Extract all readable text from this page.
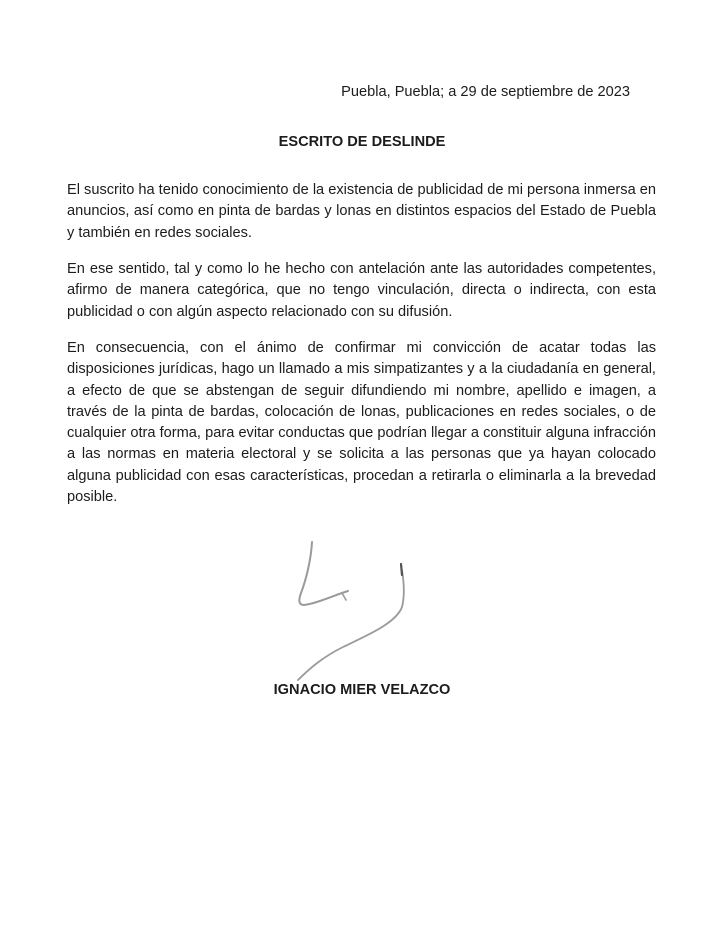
Puebla, Puebla; a 29 de septiembre de 2023
ESCRITO DE DESLINDE

El suscrito ha tenido conocimiento de la existencia de publicidad de mi persona inmersa en anuncios, así como en pinta de bardas y lonas en distintos espacios del Estado de Puebla y también en redes sociales.

En ese sentido, tal y como lo he hecho con antelación ante las autoridades competentes, afirmo de manera categórica, que no tengo vinculación, directa o indirecta, con esta publicidad o con algún aspecto relacionado con su difusión.

En consecuencia, con el ánimo de confirmar mi convicción de acatar todas las disposiciones jurídicas, hago un llamado a mis simpatizantes y a la ciudadanía en general, a efecto de que se abstengan de seguir difundiendo mi nombre, apellido e imagen, a través de la pinta de bardas, colocación de lonas, publicaciones en redes sociales, o de cualquier otra forma, para evitar conductas que podrían llegar a constituir alguna infracción a las normas en materia electoral y se solicita a las personas que ya hayan colocado alguna publicidad con esas características, procedan a retirarla o eliminarla a la brevedad posible.

IGNACIO MIER VELAZCO
